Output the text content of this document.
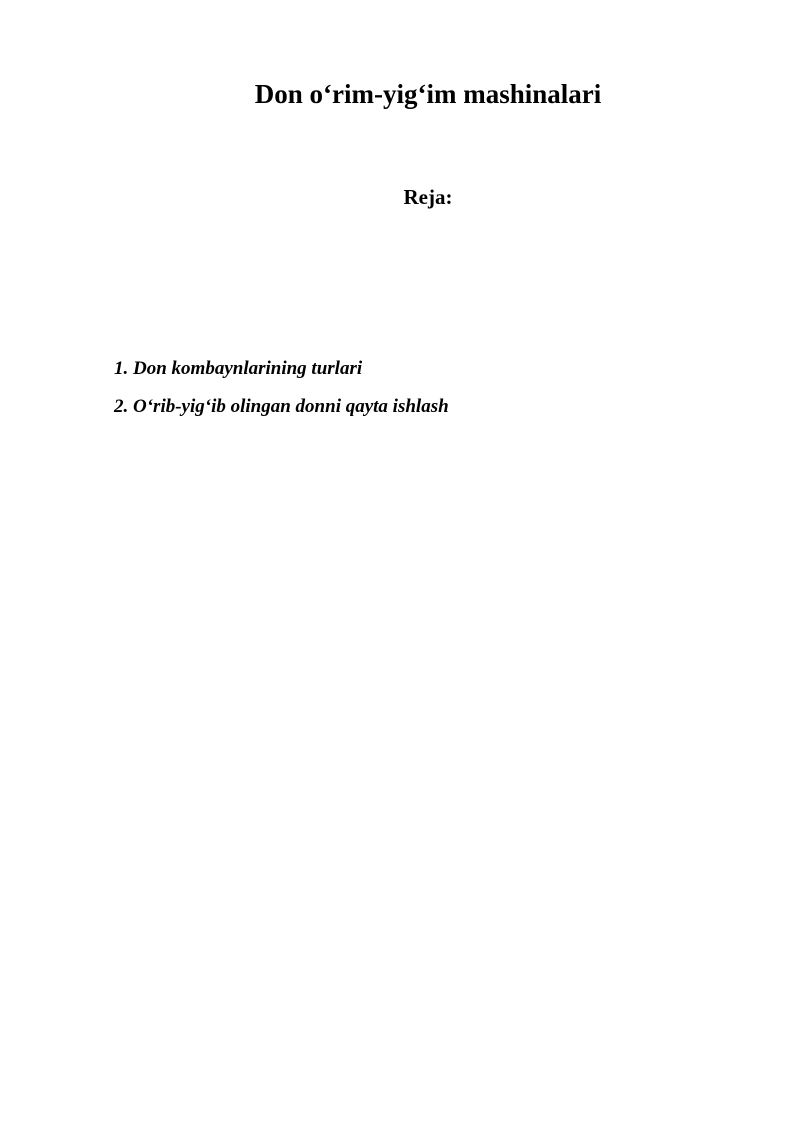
Don o‘rim-yig‘im mashinalari
Reja:
1. Don kombaynlarining turlari
2. O‘rib-yig‘ib olingan donni qayta ishlash
